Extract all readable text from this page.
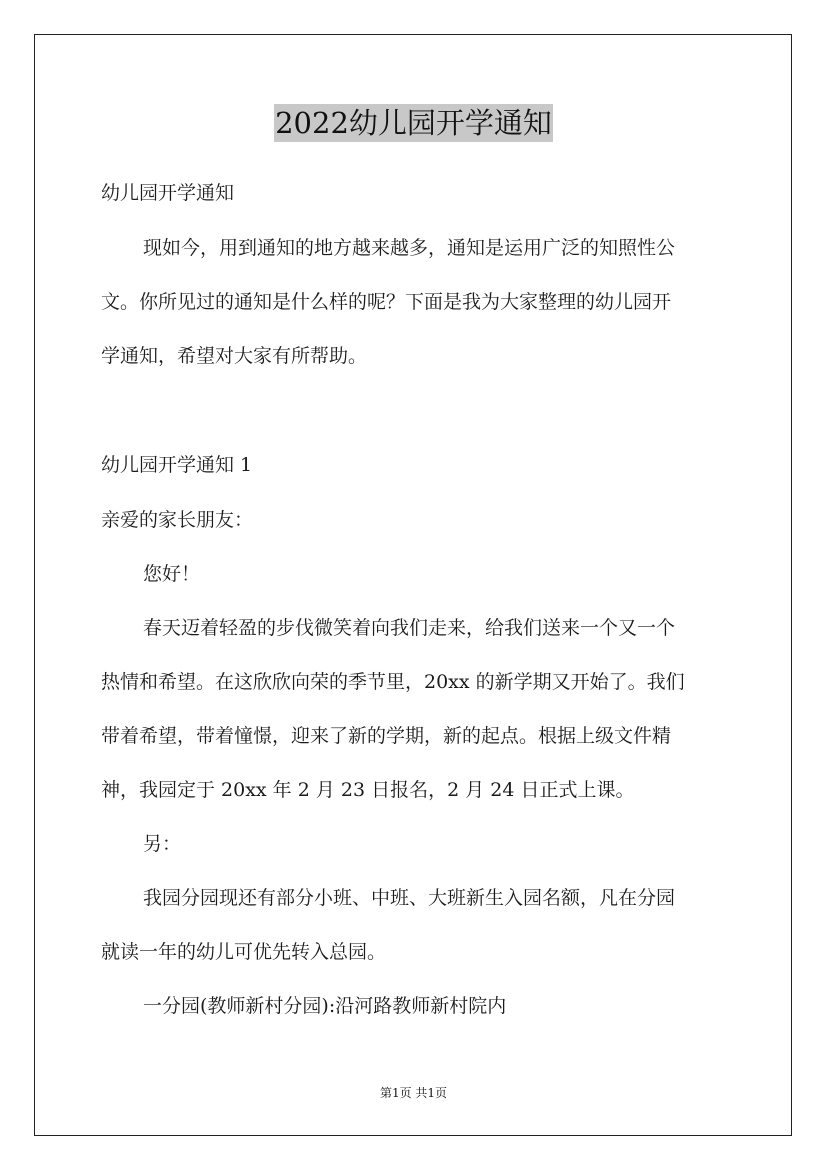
2022幼儿园开学通知
幼儿园开学通知
现如今，用到通知的地方越来越多，通知是运用广泛的知照性公
文。你所见过的通知是什么样的呢？下面是我为大家整理的幼儿园开
学通知，希望对大家有所帮助。
幼儿园开学通知 1
亲爱的家长朋友：
您好！
春天迈着轻盈的步伐微笑着向我们走来，给我们送来一个又一个
热情和希望。在这欣欣向荣的季节里，20xx 的新学期又开始了。我们
带着希望，带着憧憬，迎来了新的学期，新的起点。根据上级文件精
神，我园定于 20xx 年 2 月 23 日报名，2 月 24 日正式上课。
另：
我园分园现还有部分小班、中班、大班新生入园名额，凡在分园
就读一年的幼儿可优先转入总园。
一分园(教师新村分园):沿河路教师新村院内
第1页 共1页
